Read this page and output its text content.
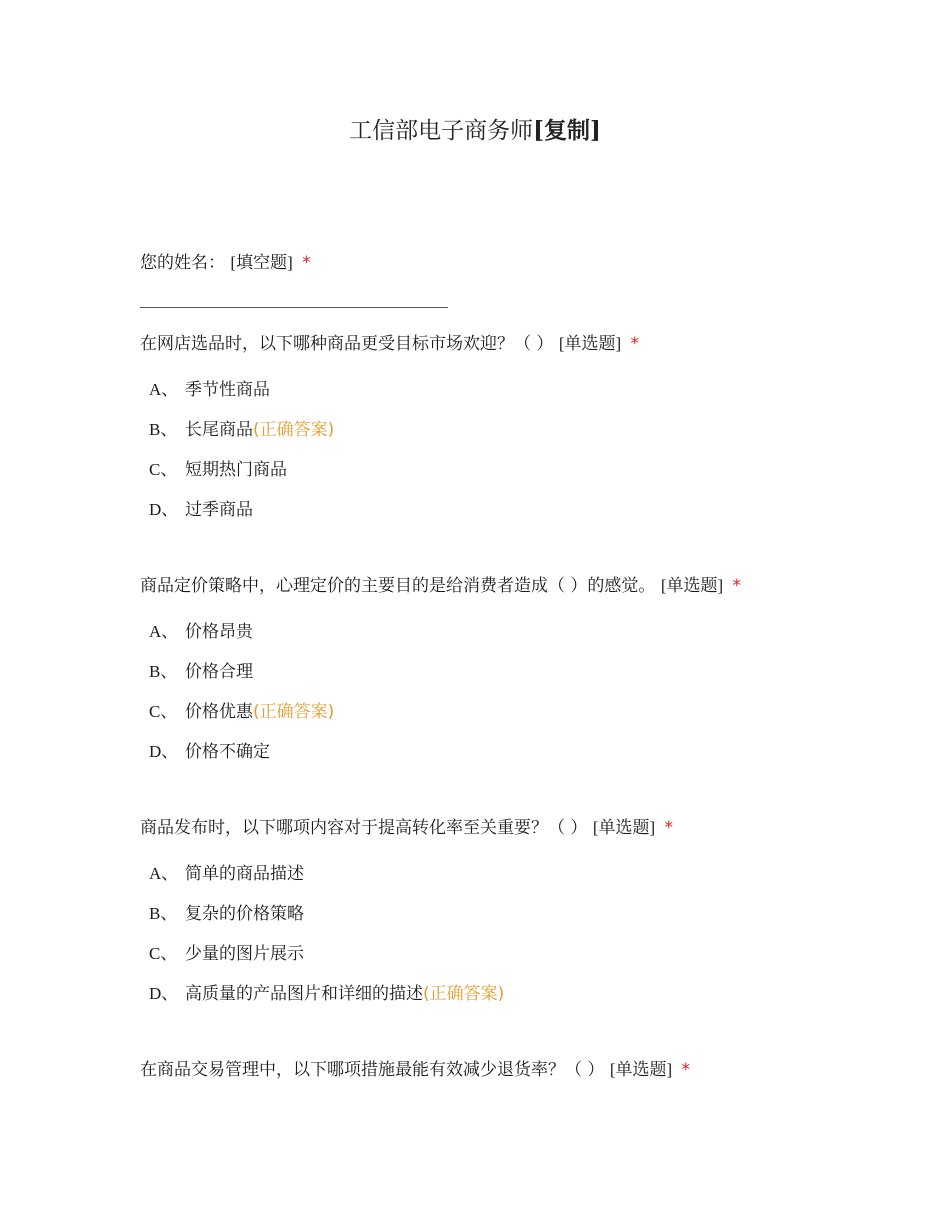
工信部电子商务师[复制]
您的姓名： [填空题] *
在网店选品时，以下哪种商品更受目标市场欢迎？（ ） [单选题] *
A、 季节性商品
B、 长尾商品(正确答案)
C、 短期热门商品
D、 过季商品
商品定价策略中，心理定价的主要目的是给消费者造成（ ）的感觉。 [单选题] *
A、 价格昂贵
B、 价格合理
C、 价格优惠(正确答案)
D、 价格不确定
商品发布时，以下哪项内容对于提高转化率至关重要？（ ） [单选题] *
A、 简单的商品描述
B、 复杂的价格策略
C、 少量的图片展示
D、 高质量的产品图片和详细的描述(正确答案)
在商品交易管理中，以下哪项措施最能有效减少退货率？（ ） [单选题] *
